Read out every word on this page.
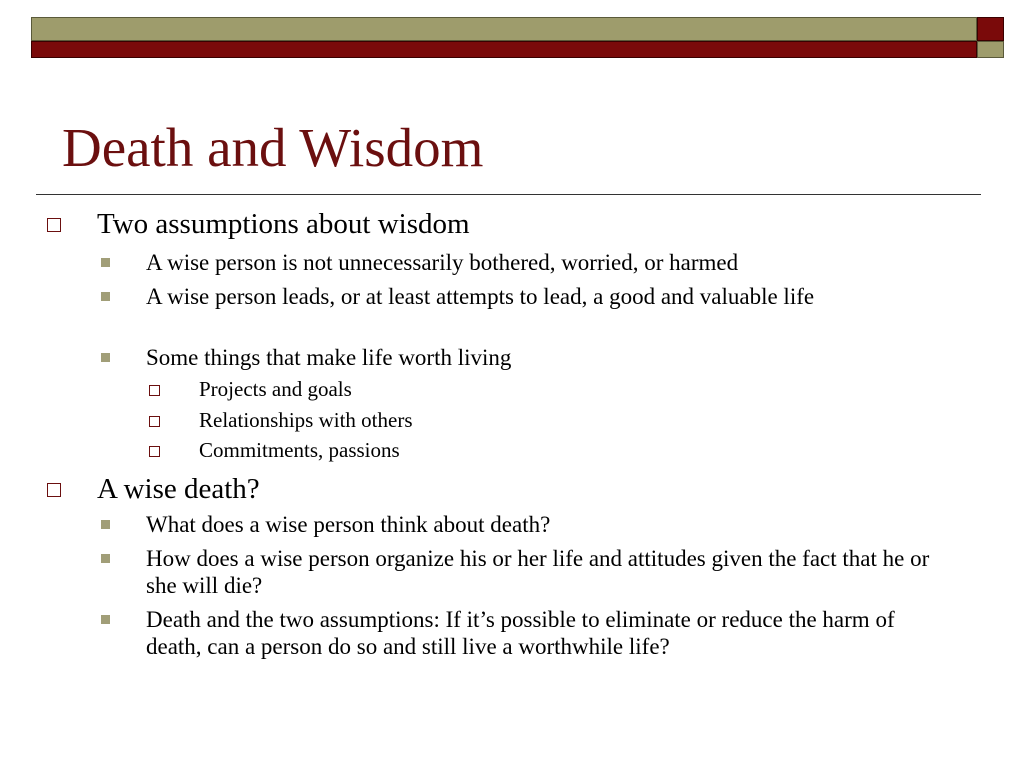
Death and Wisdom
Two assumptions about wisdom
A wise person is not unnecessarily bothered, worried, or harmed
A wise person leads, or at least attempts to lead, a good and valuable life
Some things that make life worth living
Projects and goals
Relationships with others
Commitments, passions
A wise death?
What does a wise person think about death?
How does a wise person organize his or her life and attitudes given the fact that he or she will die?
Death and the two assumptions: If it’s possible to eliminate or reduce the harm of death, can a person do so and still live a worthwhile life?
